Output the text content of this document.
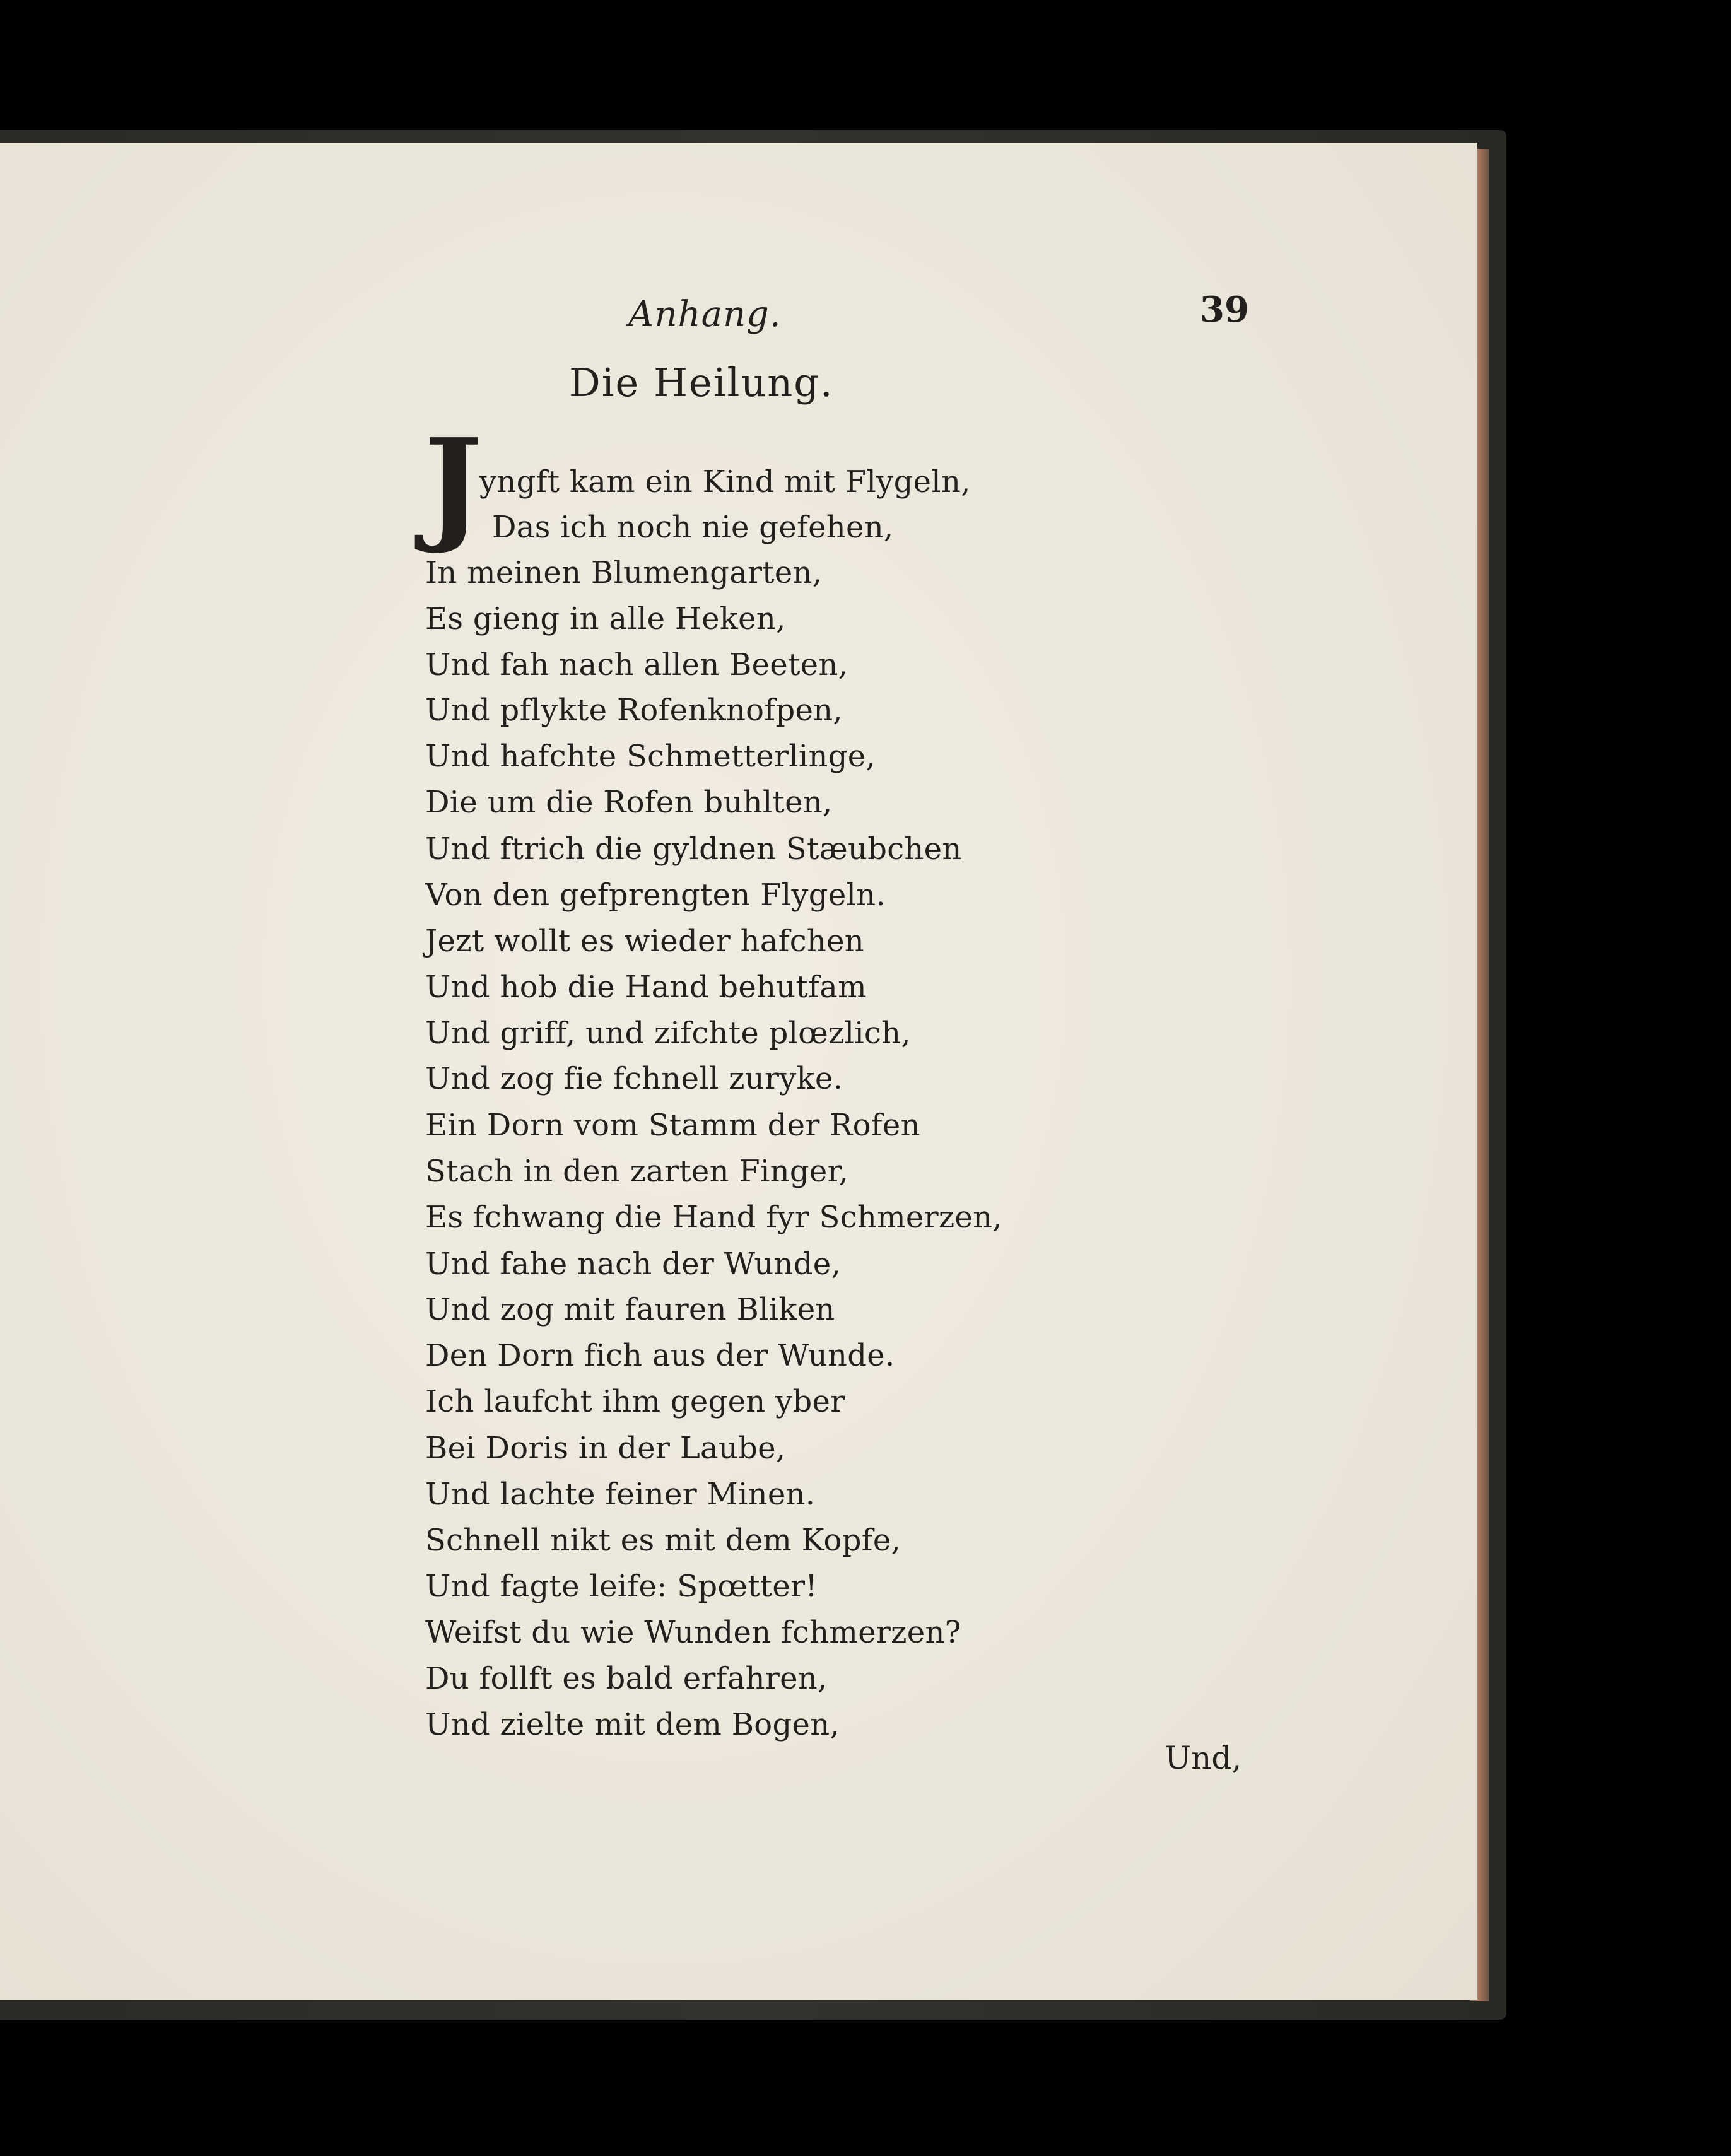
Anhang.	39
Die Heilung.
J
yngft kam ein Kind mit Flygeln,
Das ich noch nie gefehen,
In meinen Blumengarten,
Es gieng in alle Heken,
Und fah nach allen Beeten,
Und pflykte Rofenknofpen,
Und hafchte Schmetterlinge,
Die um die Rofen buhlten,
Und ftrich die gyldnen Stæubchen
Von den gefprengten Flygeln.
Jezt wollt es wieder hafchen
Und hob die Hand behutfam
Und griff, und zifchte plœzlich,
Und zog fie fchnell zuryke.
Ein Dorn vom Stamm der Rofen
Stach in den zarten Finger,
Es fchwang die Hand fyr Schmerzen,
Und fahe nach der Wunde,
Und zog mit fauren Bliken
Den Dorn fich aus der Wunde.
Ich laufcht ihm gegen yber
Bei Doris in der Laube,
Und lachte feiner Minen.
Schnell nikt es mit dem Kopfe,
Und fagte leife: Spœtter!
Weifst du wie Wunden fchmerzen?
Du follft es bald erfahren,
Und zielte mit dem Bogen,
Und,
